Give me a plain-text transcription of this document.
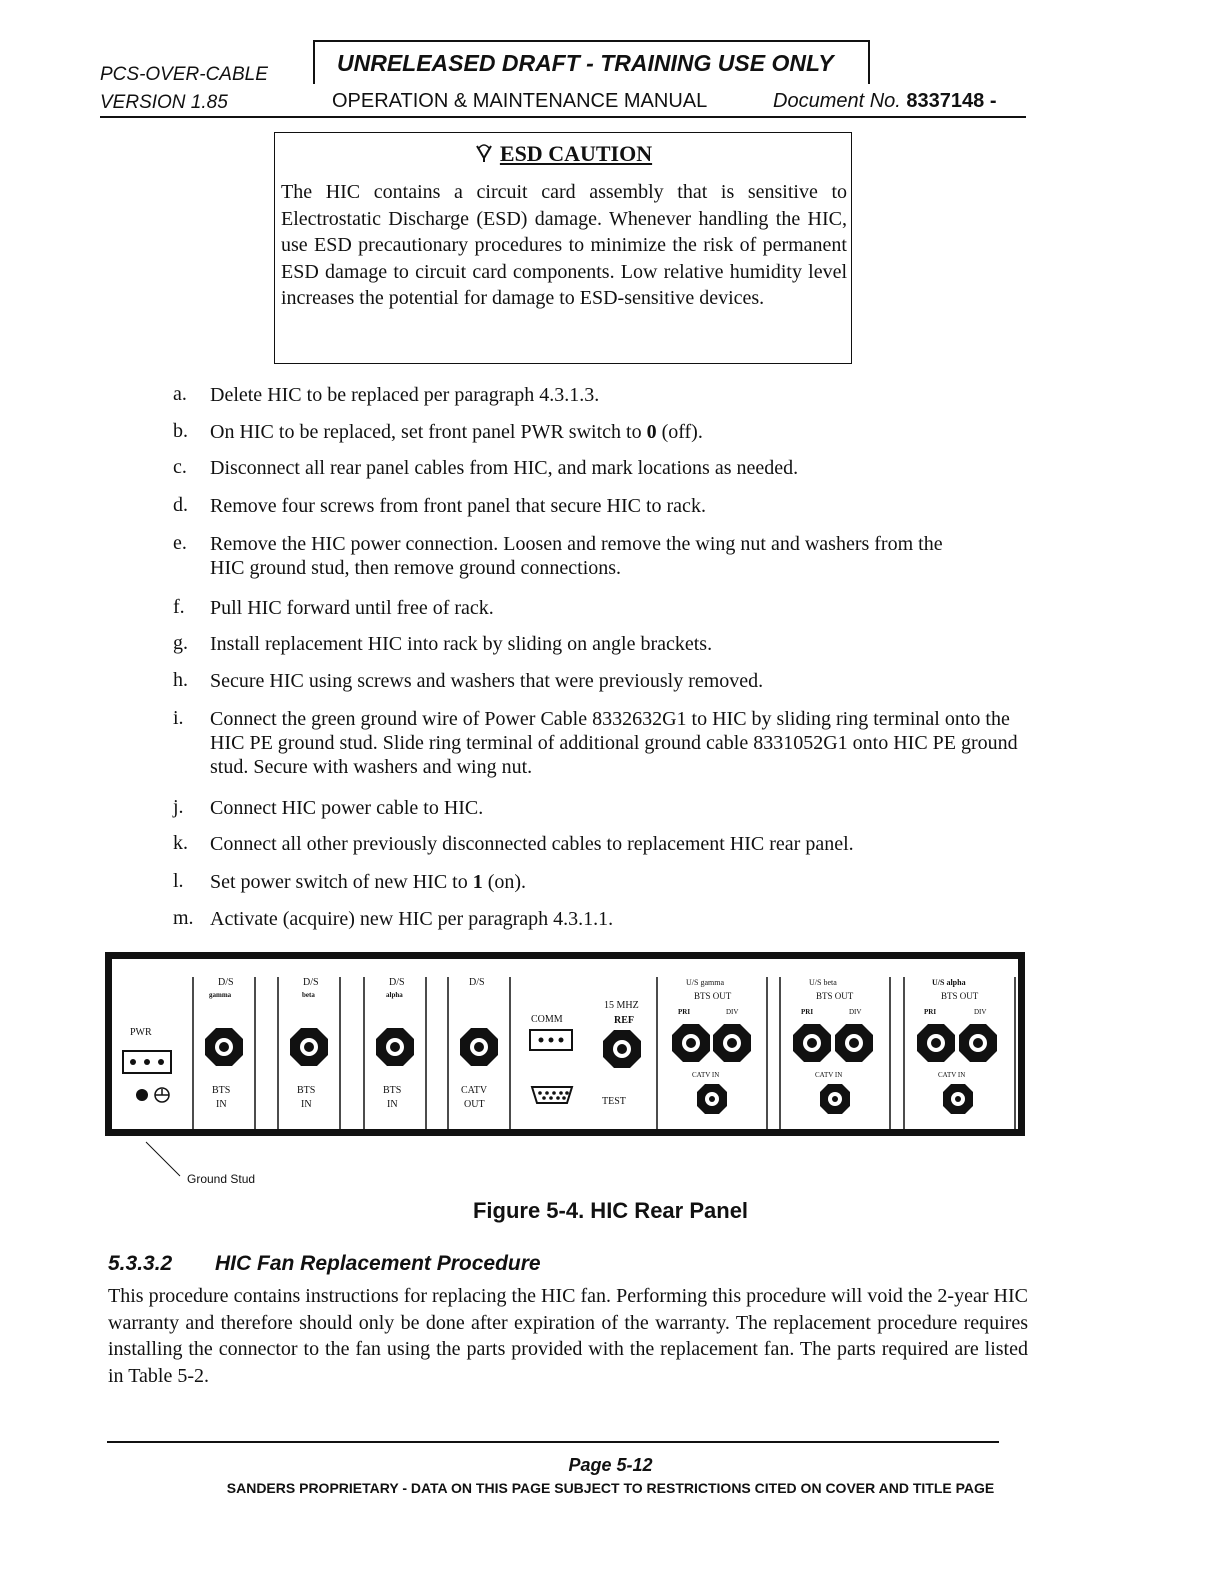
PCS-OVER-CABLE
VERSION 1.85
UNRELEASED DRAFT - TRAINING USE ONLY
OPERATION & MAINTENANCE MANUAL	Document No. 8337148 -
ESD CAUTION
The HIC contains a circuit card assembly that is sensitive to Electrostatic Discharge (ESD) damage. Whenever handling the HIC, use ESD precautionary procedures to minimize the risk of permanent ESD damage to circuit card components. Low relative humidity level increases the potential for damage to ESD-sensitive devices.
a. Delete HIC to be replaced per paragraph 4.3.1.3.
b. On HIC to be replaced, set front panel PWR switch to 0 (off).
c. Disconnect all rear panel cables from HIC, and mark locations as needed.
d. Remove four screws from front panel that secure HIC to rack.
e. Remove the HIC power connection. Loosen and remove the wing nut and washers from the HIC ground stud, then remove ground connections.
f. Pull HIC forward until free of rack.
g. Install replacement HIC into rack by sliding on angle brackets.
h. Secure HIC using screws and washers that were previously removed.
i. Connect the green ground wire of Power Cable 8332632G1 to HIC by sliding ring terminal onto the HIC PE ground stud. Slide ring terminal of additional ground cable 8331052G1 onto HIC PE ground stud. Secure with washers and wing nut.
j. Connect HIC power cable to HIC.
k. Connect all other previously disconnected cables to replacement HIC rear panel.
l. Set power switch of new HIC to 1 (on).
m. Activate (acquire) new HIC per paragraph 4.3.1.1.
PWR
D/S
gamma
BTS
IN
D/S
beta
BTS
IN
D/S
alpha
BTS
IN
D/S
CATV
OUT
COMM
15 MHZ
REF
TEST
U/S gamma
BTS OUT
PRI	DIV
CATV IN
U/S beta
BTS OUT
PRI	DIV
CATV IN
U/S alpha
BTS OUT
PRI	DIV
CATV IN
Ground Stud
Figure 5-4. HIC Rear Panel
5.3.3.2 HIC Fan Replacement Procedure
This procedure contains instructions for replacing the HIC fan. Performing this procedure will void the 2-year HIC warranty and therefore should only be done after expiration of the warranty. The replacement procedure requires installing the connector to the fan using the parts provided with the replacement fan. The parts required are listed in Table 5-2.
Page 5-12
SANDERS PROPRIETARY - DATA ON THIS PAGE SUBJECT TO RESTRICTIONS CITED ON COVER AND TITLE PAGE
